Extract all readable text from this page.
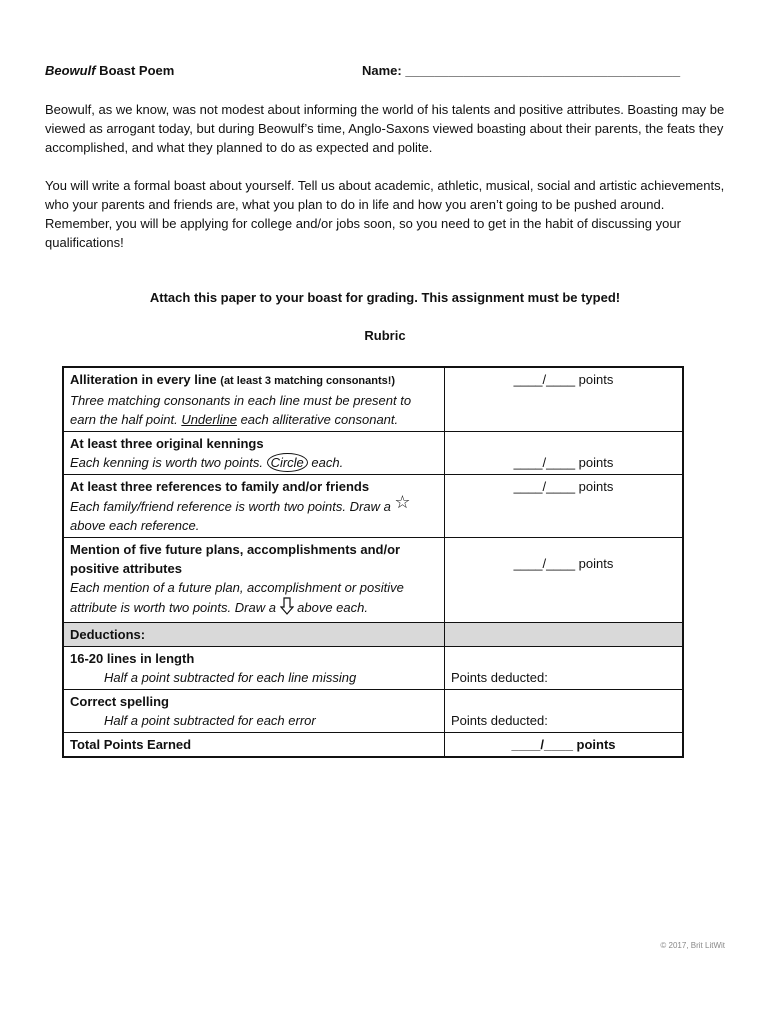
Beowulf Boast Poem	Name: ______________________________________

Beowulf, as we know, was not modest about informing the world of his talents and positive attributes. Boasting may be viewed as arrogant today, but during Beowulf’s time, Anglo-Saxons viewed boasting about their parents, the feats they accomplished, and what they planned to do as expected and polite.

You will write a formal boast about yourself. Tell us about academic, athletic, musical, social and artistic achievements, who your parents and friends are, what you plan to do in life and how you aren’t going to be pushed around. Remember, you will be applying for college and/or jobs soon, so you need to get in the habit of discussing your qualifications!

Attach this paper to your boast for grading. This assignment must be typed!
Rubric
Alliteration in every line (at least 3 matching consonants!)
Three matching consonants in each line must be present to earn the half point. Underline each alliterative consonant.	____/____ points
At least three original kennings
Each kenning is worth two points. Circle each.	____/____ points
At least three references to family and/or friends
Each family/friend reference is worth two points. Draw a ☆
above each reference.	____/____ points
Mention of five future plans, accomplishments and/or positive attributes
Each mention of a future plan, accomplishment or positive attribute is worth two points. Draw a  above each.	____/____ points
Deductions:	
16-20 lines in length
Half a point subtracted for each line missing	Points deducted:
Correct spelling
Half a point subtracted for each error	Points deducted:
Total Points Earned	____/____ points
© 2017, Brit LitWit
